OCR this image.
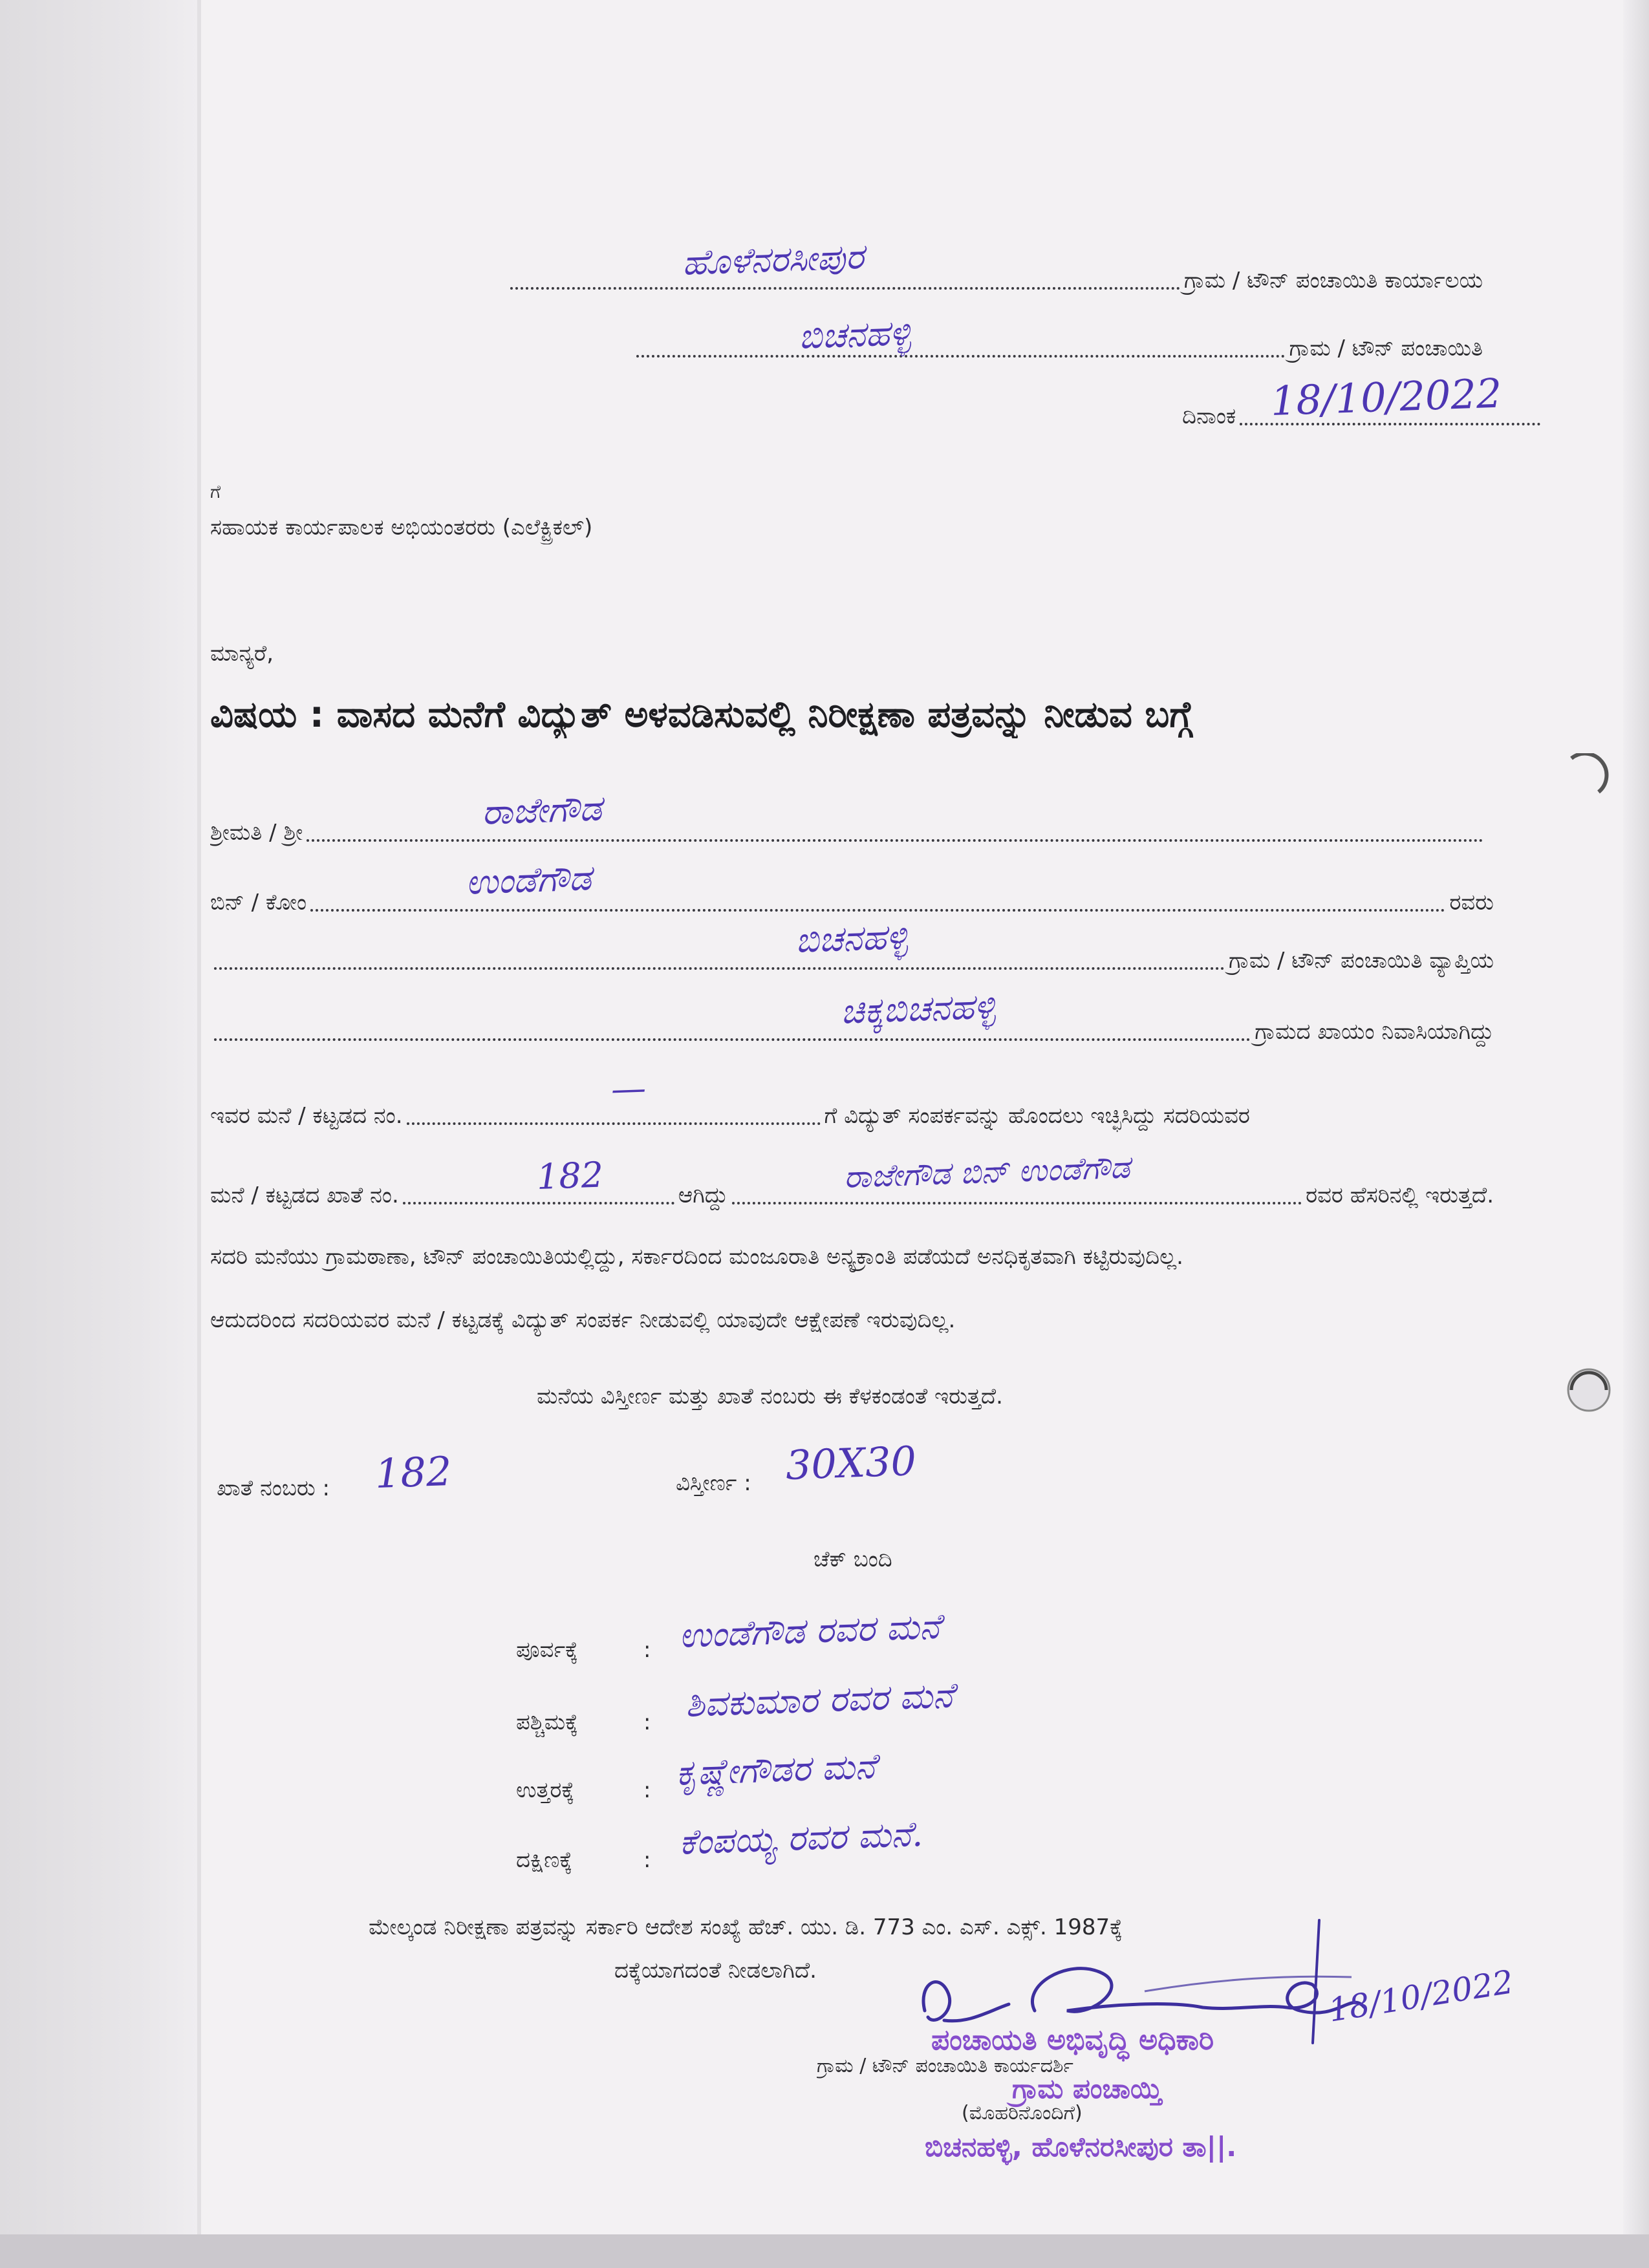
ಗ್ರಾಮ / ಟೌನ್ ಪಂಚಾಯಿತಿ ಕಾರ್ಯಾಲಯ
ಹೊಳೆನರಸೀಪುರ
ಗ್ರಾಮ / ಟೌನ್ ಪಂಚಾಯಿತಿ
ಬಿಚನಹಳ್ಳಿ
ದಿನಾಂಕ 18/10/2022
ಗೆ
ಸಹಾಯಕ ಕಾರ್ಯಪಾಲಕ ಅಭಿಯಂತರರು (ಎಲೆಕ್ಟ್ರಿಕಲ್)
ಮಾನ್ಯರೆ,
ವಿಷಯ : ವಾಸದ ಮನೆಗೆ ವಿದ್ಯುತ್ ಅಳವಡಿಸುವಲ್ಲಿ ನಿರೀಕ್ಷಣಾ ಪತ್ರವನ್ನು ನೀಡುವ ಬಗ್ಗೆ
ಶ್ರೀಮತಿ / ಶ್ರೀ
ರಾಜೇಗೌಡ
ಬಿನ್ / ಕೋಂ	ರವರು
ಉಂಡೆಗೌಡ
ಗ್ರಾಮ / ಟೌನ್ ಪಂಚಾಯಿತಿ ವ್ಯಾಪ್ತಿಯ
ಬಿಚನಹಳ್ಳಿ
ಗ್ರಾಮದ ಖಾಯಂ ನಿವಾಸಿಯಾಗಿದ್ದು
ಚಿಕ್ಕಬಿಚನಹಳ್ಳಿ
ಇವರ ಮನೆ / ಕಟ್ಟಡದ ನಂ.	ಗೆ ವಿದ್ಯುತ್ ಸಂಪರ್ಕವನ್ನು ಹೊಂದಲು ಇಚ್ಛಿಸಿದ್ದು ಸದರಿಯವರ
—
ಮನೆ / ಕಟ್ಟಡದ ಖಾತೆ ನಂ.	ಆಗಿದ್ದು	ರವರ ಹೆಸರಿನಲ್ಲಿ ಇರುತ್ತದೆ.
182	ರಾಜೇಗೌಡ ಬಿನ್ ಉಂಡೆಗೌಡ
ಸದರಿ ಮನೆಯು ಗ್ರಾಮಠಾಣಾ, ಟೌನ್ ಪಂಚಾಯಿತಿಯಲ್ಲಿದ್ದು, ಸರ್ಕಾರದಿಂದ ಮಂಜೂರಾತಿ ಅನ್ಯಕ್ರಾಂತಿ ಪಡೆಯದೆ ಅನಧಿಕೃತವಾಗಿ ಕಟ್ಟಿರುವುದಿಲ್ಲ.
ಆದುದರಿಂದ ಸದರಿಯವರ ಮನೆ / ಕಟ್ಟಡಕ್ಕೆ ವಿದ್ಯುತ್ ಸಂಪರ್ಕ ನೀಡುವಲ್ಲಿ ಯಾವುದೇ ಆಕ್ಷೇಪಣೆ ಇರುವುದಿಲ್ಲ.
ಮನೆಯ ವಿಸ್ತೀರ್ಣ ಮತ್ತು ಖಾತೆ ನಂಬರು ಈ ಕೆಳಕಂಡಂತೆ ಇರುತ್ತದೆ.
ಖಾತೆ ನಂಬರು : 182	ವಿಸ್ತೀರ್ಣ : 30X30
ಚೆಕ್ ಬಂದಿ
ಪೂರ್ವಕ್ಕೆ	: ಉಂಡೆಗೌಡ ರವರ ಮನೆ
ಪಶ್ಚಿಮಕ್ಕೆ	: ಶಿವಕುಮಾರ ರವರ ಮನೆ
ಉತ್ತರಕ್ಕೆ	: ಕೃಷ್ಣೇಗೌಡರ ಮನೆ
ದಕ್ಷಿಣಕ್ಕೆ	: ಕೆಂಪಯ್ಯ ರವರ ಮನೆ.
ಮೇಲ್ಕಂಡ ನಿರೀಕ್ಷಣಾ ಪತ್ರವನ್ನು ಸರ್ಕಾರಿ ಆದೇಶ ಸಂಖ್ಯೆ ಹೆಚ್. ಯು. ಡಿ. 773 ಎಂ. ಎಸ್. ಎಕ್ಸ್. 1987ಕ್ಕೆ
ದಕ್ಕೆಯಾಗದಂತೆ ನೀಡಲಾಗಿದೆ.
ಗ್ರಾಮ / ಟೌನ್ ಪಂಚಾಯಿತಿ ಕಾರ್ಯದರ್ಶಿ
(ಮೊಹರಿನೊಂದಿಗೆ)
ಪಂಚಾಯತಿ ಅಭಿವೃದ್ಧಿ ಅಧಿಕಾರಿ
ಗ್ರಾಮ ಪಂಚಾಯ್ತಿ
ಬಿಚನಹಳ್ಳಿ, ಹೊಳೆನರಸೀಪುರ ತಾ||.
18/10/2022
